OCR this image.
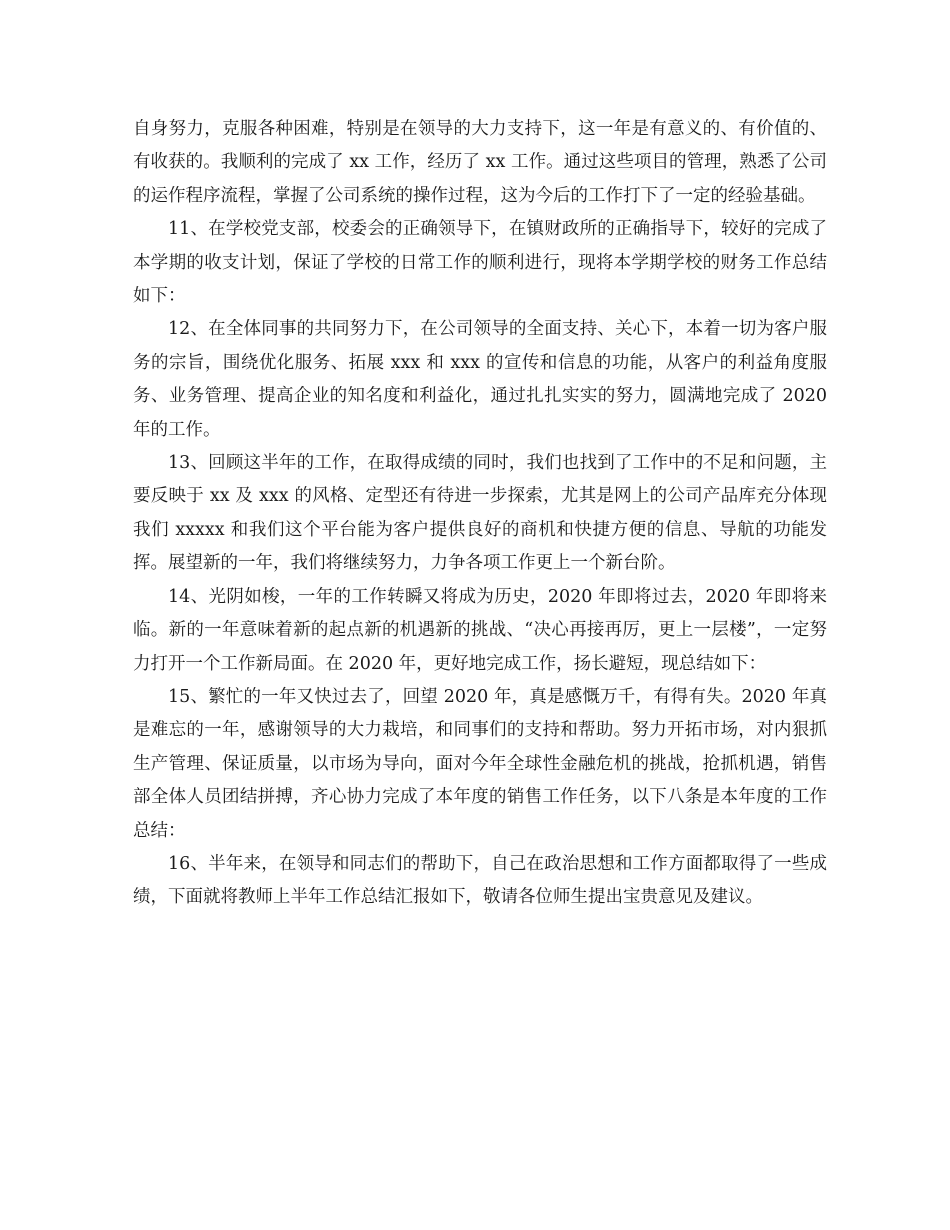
自身努力，克服各种困难，特别是在领导的大力支持下，这一年是有意义的、有价值的、有收获的。我顺利的完成了 xx 工作，经历了 xx 工作。通过这些项目的管理，熟悉了公司的运作程序流程，掌握了公司系统的操作过程，这为今后的工作打下了一定的经验基础。

11、在学校党支部，校委会的正确领导下，在镇财政所的正确指导下，较好的完成了本学期的收支计划，保证了学校的日常工作的顺利进行，现将本学期学校的财务工作总结如下：

12、在全体同事的共同努力下，在公司领导的全面支持、关心下，本着一切为客户服务的宗旨，围绕优化服务、拓展 xxx 和 xxx 的宣传和信息的功能，从客户的利益角度服务、业务管理、提高企业的知名度和利益化，通过扎扎实实的努力，圆满地完成了 2020 年的工作。

13、回顾这半年的工作，在取得成绩的同时，我们也找到了工作中的不足和问题，主要反映于 xx 及 xxx 的风格、定型还有待进一步探索，尤其是网上的公司产品库充分体现我们 xxxxx 和我们这个平台能为客户提供良好的商机和快捷方便的信息、导航的功能发挥。展望新的一年，我们将继续努力，力争各项工作更上一个新台阶。

14、光阴如梭，一年的工作转瞬又将成为历史，2020 年即将过去，2020 年即将来临。新的一年意味着新的起点新的机遇新的挑战、“决心再接再厉，更上一层楼”，一定努力打开一个工作新局面。在 2020 年，更好地完成工作，扬长避短，现总结如下：

15、繁忙的一年又快过去了，回望 2020 年，真是感慨万千，有得有失。2020 年真是难忘的一年，感谢领导的大力栽培，和同事们的支持和帮助。努力开拓市场，对内狠抓生产管理、保证质量，以市场为导向，面对今年全球性金融危机的挑战，抢抓机遇，销售部全体人员团结拼搏，齐心协力完成了本年度的销售工作任务，以下八条是本年度的工作总结：

16、半年来，在领导和同志们的帮助下，自己在政治思想和工作方面都取得了一些成绩，下面就将教师上半年工作总结汇报如下，敬请各位师生提出宝贵意见及建议。
